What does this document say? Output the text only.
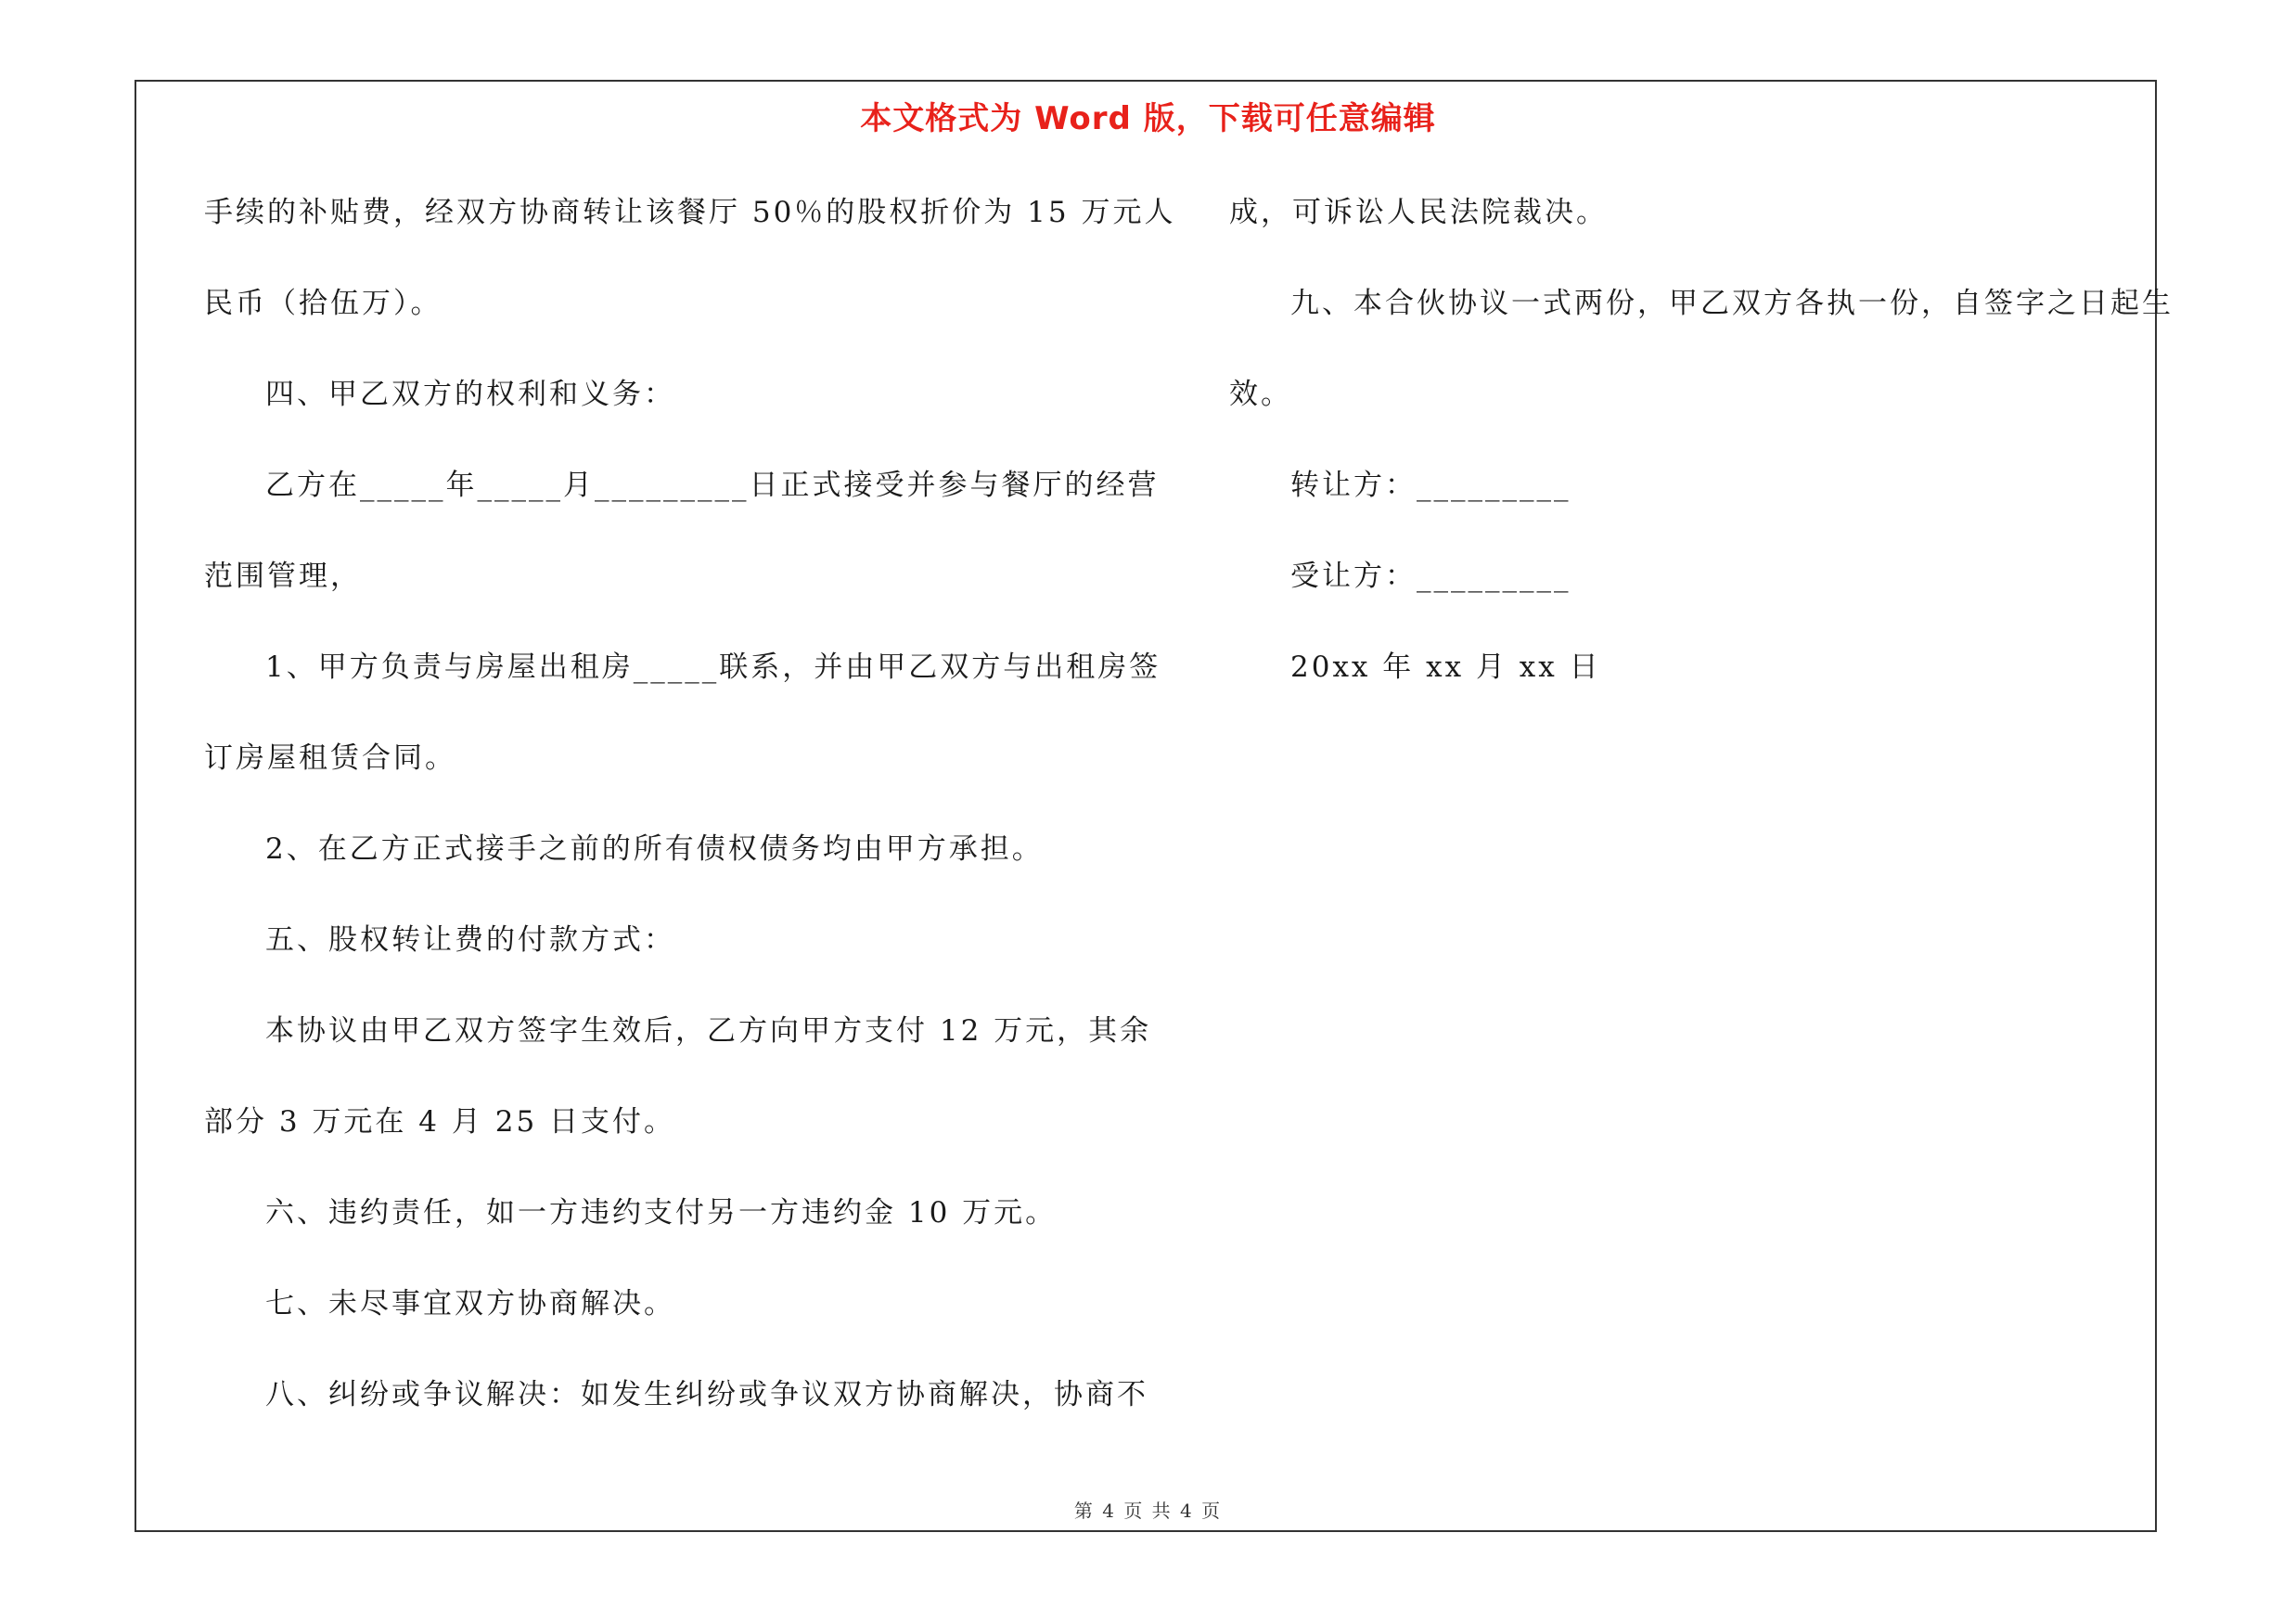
本文格式为 Word 版，下载可任意编辑
手续的补贴费，经双方协商转让该餐厅 50％的股权折价为 15 万元人
民币（拾伍万）。
四、甲乙双方的权利和义务：
乙方在_____年_____月_________日正式接受并参与餐厅的经营
范围管理，
1、甲方负责与房屋出租房_____联系，并由甲乙双方与出租房签
订房屋租赁合同。
2、在乙方正式接手之前的所有债权债务均由甲方承担。
五、股权转让费的付款方式：
本协议由甲乙双方签字生效后，乙方向甲方支付 12 万元，其余
部分 3 万元在 4 月 25 日支付。
六、违约责任，如一方违约支付另一方违约金 10 万元。
七、未尽事宜双方协商解决。
八、纠纷或争议解决：如发生纠纷或争议双方协商解决，协商不
成，可诉讼人民法院裁决。
九、本合伙协议一式两份，甲乙双方各执一份，自签字之日起生
效。
转让方：_________
受让方：_________
20xx 年 xx 月 xx 日
第 4 页 共 4 页
